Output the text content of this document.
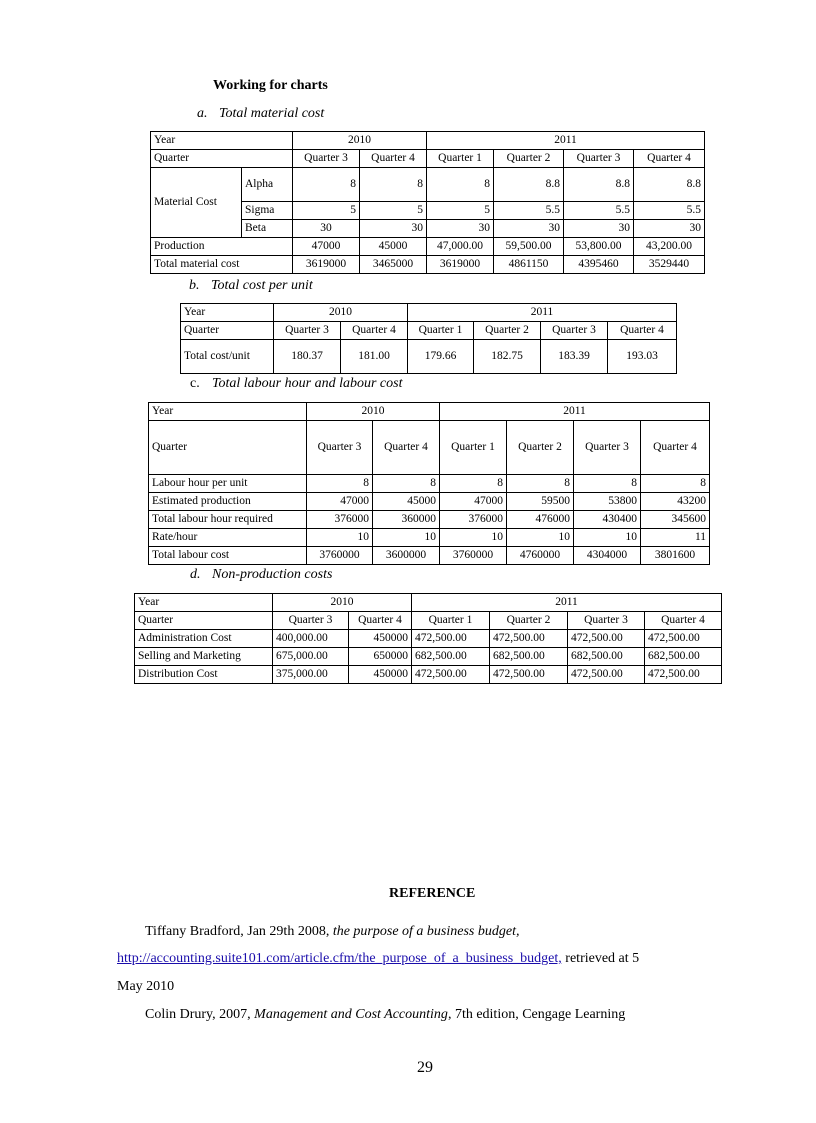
Working for charts
a. Total material cost
Year		2010		2011			
Quarter		Quarter 3	Quarter 4	Quarter 1	Quarter 2	Quarter 3	Quarter 4
Material Cost	Alpha	8	8	8	8.8	8.8	8.8
	Sigma	5	5	5	5.5	5.5	5.5
	Beta	30	30	30	30	30	30
Production		47000	45000	47,000.00	59,500.00	53,800.00	43,200.00
Total material cost		3619000	3465000	3619000	4861150	4395460	3529440
b. Total cost per unit
Year	2010		2011			
Quarter	Quarter 3	Quarter 4	Quarter 1	Quarter 2	Quarter 3	Quarter 4
Total cost/unit	180.37	181.00	179.66	182.75	183.39	193.03
c. Total labour hour and labour cost
Year	2010		2011			
Quarter	Quarter 3	Quarter 4	Quarter 1	Quarter 2	Quarter 3	Quarter 4
Labour hour per unit	8	8	8	8	8	8
Estimated production	47000	45000	47000	59500	53800	43200
Total labour hour required	376000	360000	376000	476000	430400	345600
Rate/hour	10	10	10	10	10	11
Total labour cost	3760000	3600000	3760000	4760000	4304000	3801600
d. Non-production costs
Year	2010		2011			
Quarter	Quarter 3	Quarter 4	Quarter 1	Quarter 2	Quarter 3	Quarter 4
Administration Cost	400,000.00	450000	472,500.00	472,500.00	472,500.00	472,500.00
Selling and Marketing	675,000.00	650000	682,500.00	682,500.00	682,500.00	682,500.00
Distribution Cost	375,000.00	450000	472,500.00	472,500.00	472,500.00	472,500.00
REFERENCE
Tiffany Bradford, Jan 29th 2008, the purpose of a business budget,
http://accounting.suite101.com/article.cfm/the_purpose_of_a_business_budget, retrieved at 5
May 2010
Colin Drury, 2007, Management and Cost Accounting, 7th edition, Cengage Learning
29
